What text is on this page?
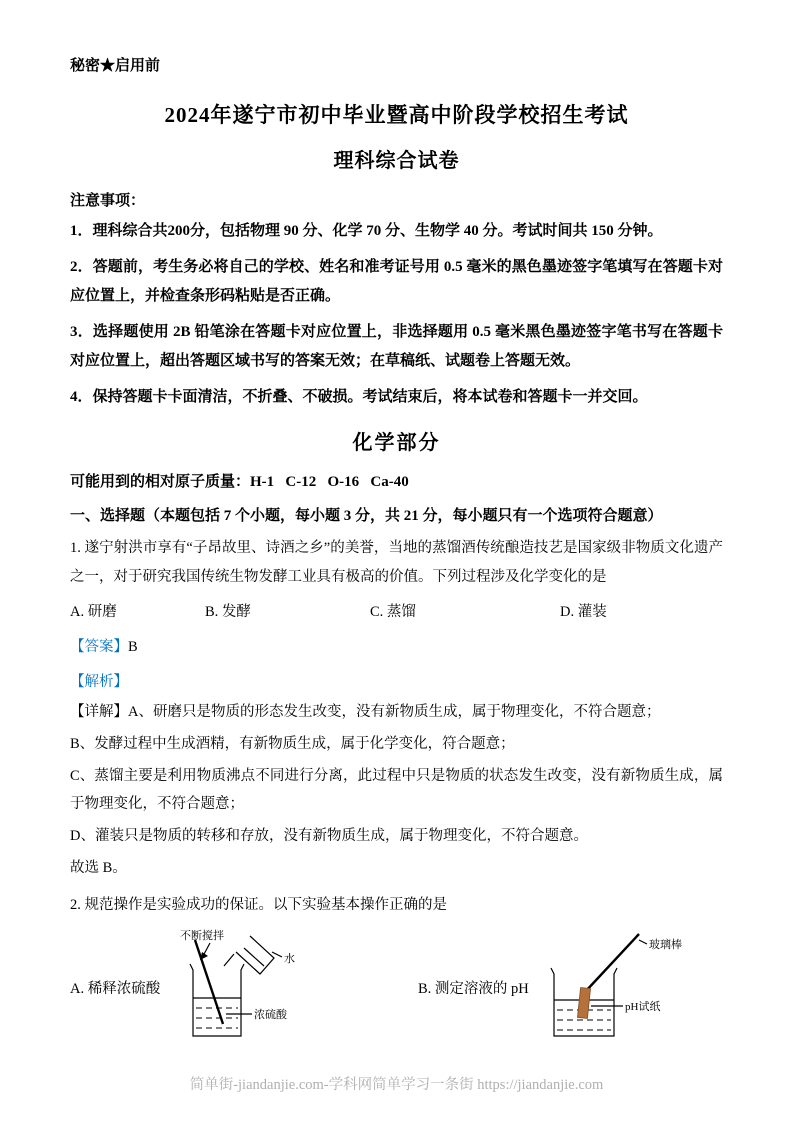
秘密★启用前
2024年遂宁市初中毕业暨高中阶段学校招生考试
理科综合试卷
注意事项：

1．理科综合共200分，包括物理 90 分、化学 70 分、生物学 40 分。考试时间共 150 分钟。

2．答题前，考生务必将自己的学校、姓名和准考证号用 0.5 毫米的黑色墨迹签字笔填写在答题卡对应位置上，并检查条形码粘贴是否正确。

3．选择题使用 2B 铅笔涂在答题卡对应位置上，非选择题用 0.5 毫米黑色墨迹签字笔书写在答题卡对应位置上，超出答题区域书写的答案无效；在草稿纸、试题卷上答题无效。

4．保持答题卡卡面清洁，不折叠、不破损。考试结束后，将本试卷和答题卡一并交回。

化学部分

可能用到的相对原子质量：H-1   C-12   O-16   Ca-40

一、选择题（本题包括 7 个小题，每小题 3 分，共 21 分，每小题只有一个选项符合题意）

1. 遂宁射洪市享有“子昂故里、诗酒之乡”的美誉，当地的蒸馏酒传统酿造技艺是国家级非物质文化遗产之一，对于研究我国传统生物发酵工业具有极高的价值。下列过程涉及化学变化的是

A. 研磨	B. 发酵	C. 蒸馏	D. 灌装

【答案】B

【解析】

【详解】A、研磨只是物质的形态发生改变，没有新物质生成，属于物理变化，不符合题意；

B、发酵过程中生成酒精，有新物质生成，属于化学变化，符合题意；

C、蒸馏主要是利用物质沸点不同进行分离，此过程中只是物质的状态发生改变，没有新物质生成，属于物理变化，不符合题意；

D、灌装只是物质的转移和存放，没有新物质生成，属于物理变化，不符合题意。

故选 B。

2. 规范操作是实验成功的保证。以下实验基本操作正确的是

A. 稀释浓硫酸
不断搅拌
水
浓硫酸
B. 测定溶液的 pH
玻璃棒
pH试纸
简单街-jiandanjie.com-学科网简单学习一条街 https://jiandanjie.com
